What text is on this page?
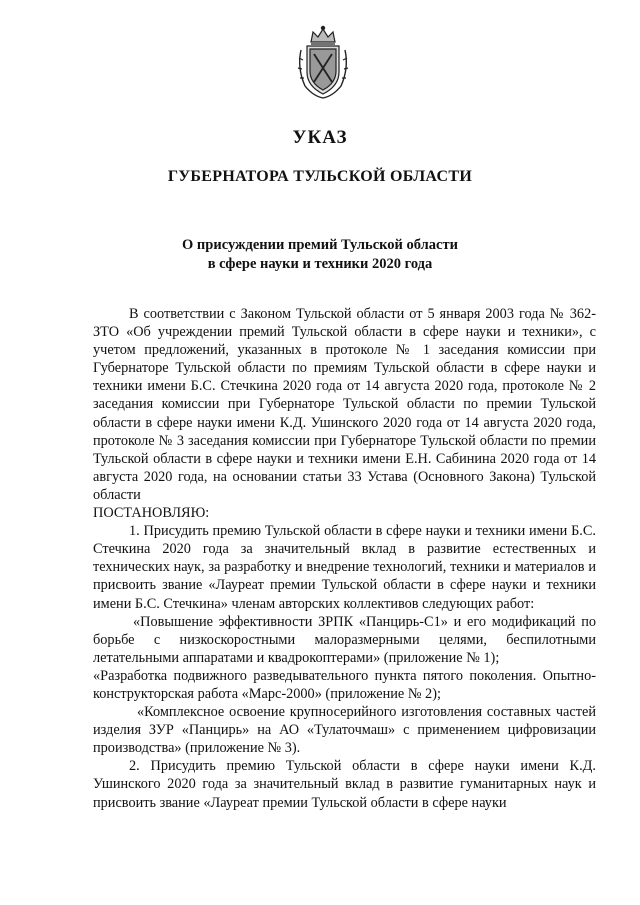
УКАЗ
ГУБЕРНАТОРА ТУЛЬСКОЙ ОБЛАСТИ
О присуждении премий Тульской области
в сфере науки и техники 2020 года

В соответствии с Законом Тульской области от 5 января 2003 года № 362-ЗТО «Об учреждении премий Тульской области в сфере науки и техники», с учетом предложений, указанных в протоколе № 1 заседания комиссии при Губернаторе Тульской области по премиям Тульской области в сфере науки и техники имени Б.С. Стечкина 2020 года от 14 августа 2020 года, протоколе № 2 заседания комиссии при Губернаторе Тульской области по премии Тульской области в сфере науки имени К.Д. Ушинского 2020 года от 14 августа 2020 года, протоколе № 3 заседания комиссии при Губернаторе Тульской области по премии Тульской области в сфере науки и техники имени Е.Н. Сабинина 2020 года от 14 августа 2020 года, на основании статьи 33 Устава (Основного Закона) Тульской области

ПОСТАНОВЛЯЮ:

1. Присудить премию Тульской области в сфере науки и техники имени Б.С. Стечкина 2020 года за значительный вклад в развитие естественных и технических наук, за разработку и внедрение технологий, техники и материалов и присвоить звание «Лауреат премии Тульской области в сфере науки и техники имени Б.С. Стечкина» членам авторских коллективов следующих работ:

«Повышение эффективности ЗРПК «Панцирь-С1» и его модификаций по борьбе с низкоскоростными малоразмерными целями, беспилотными летательными аппаратами и квадрокоптерами» (приложение № 1);

«Разработка подвижного разведывательного пункта пятого поколения. Опытно-конструкторская работа «Марс-2000» (приложение № 2);

«Комплексное освоение крупносерийного изготовления составных частей изделия ЗУР «Панцирь» на АО «Тулаточмаш» с применением цифровизации производства» (приложение № 3).

2. Присудить премию Тульской области в сфере науки имени К.Д. Ушинского 2020 года за значительный вклад в развитие гуманитарных наук и присвоить звание «Лауреат премии Тульской области в сфере науки
